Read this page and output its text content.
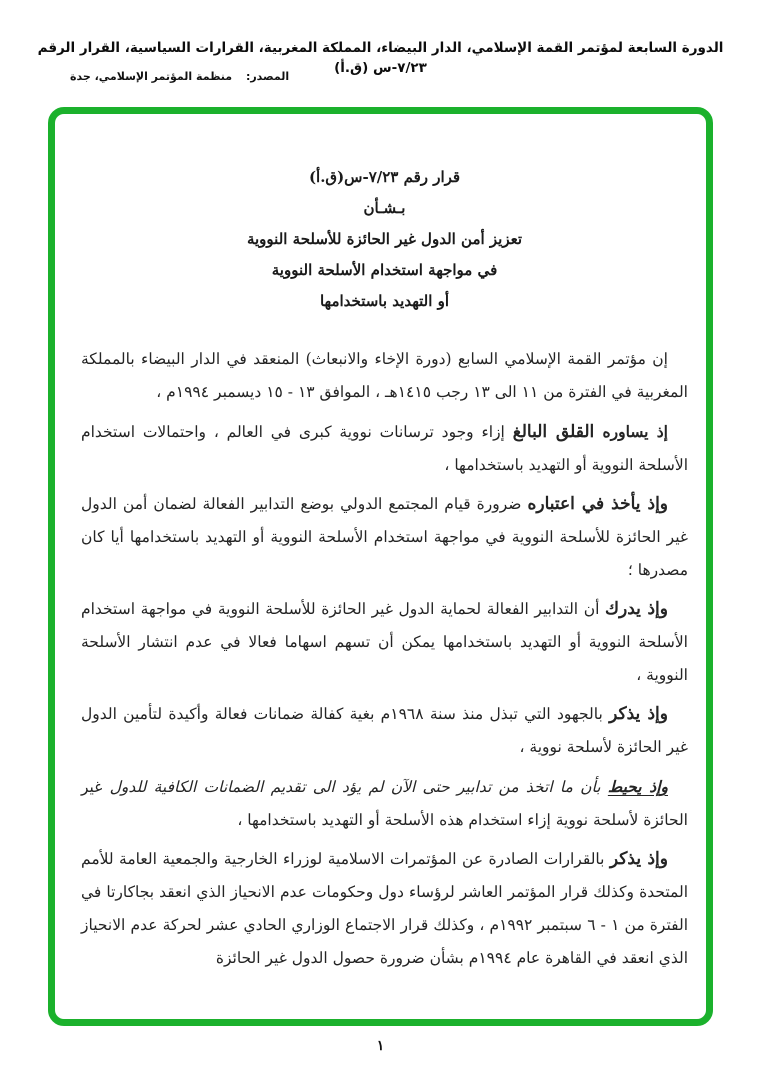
الدورة السابعة لمؤتمر القمة الإسلامي، الدار البيضاء، المملكة المغربية، القرارات السياسية، القرار الرقم ٧/٢٣-س (ق.أ)
المصدر: منظمة المؤتمر الإسلامي، جدة
قرار رقم ٧/٢٣-س(ق.أ)
بـشـأن
تعزيز أمن الدول غير الحائزة للأسلحة النووية
في مواجهة استخدام الأسلحة النووية
أو التهديد باستخدامها

إن مؤتمر القمة الإسلامي السابع (دورة الإخاء والانبعاث) المنعقد في الدار البيضاء بالمملكة المغربية في الفترة من ١١ الى ١٣ رجب ١٤١٥هـ ، الموافق ١٣ - ١٥ ديسمبر ١٩٩٤م ،

إذ يساوره القلق البالغ إزاء وجود ترسانات نووية كبرى في العالم ، واحتمالات استخدام الأسلحة النووية أو التهديد باستخدامها ،

وإذ يأخذ في اعتباره ضرورة قيام المجتمع الدولي بوضع التدابير الفعالة لضمان أمن الدول غير الحائزة للأسلحة النووية في مواجهة استخدام الأسلحة النووية أو التهديد باستخدامها أيا كان مصدرها ؛

وإذ يدرك أن التدابير الفعالة لحماية الدول غير الحائزة للأسلحة النووية في مواجهة استخدام الأسلحة النووية أو التهديد باستخدامها يمكن أن تسهم اسهاما فعالا في عدم انتشار الأسلحة النووية ،

وإذ يذكر بالجهود التي تبذل منذ سنة ١٩٦٨م بغية كفالة ضمانات فعالة وأكيدة لتأمين الدول غير الحائزة لأسلحة نووية ،

وإذ يحيط بأن ما اتخذ من تدابير حتى الآن لم يؤد الى تقديم الضمانات الكافية للدول غير الحائزة لأسلحة نووية إزاء استخدام هذه الأسلحة أو التهديد باستخدامها ،

وإذ يذكر بالقرارات الصادرة عن المؤتمرات الاسلامية لوزراء الخارجية والجمعية العامة للأمم المتحدة وكذلك قرار المؤتمر العاشر لرؤساء دول وحكومات عدم الانحياز الذي انعقد بجاكارتا في الفترة من ١ - ٦ سبتمبر ١٩٩٢م ، وكذلك قرار الاجتماع الوزاري الحادي عشر لحركة عدم الانحياز الذي انعقد في القاهرة عام ١٩٩٤م بشأن ضرورة حصول الدول غير الحائزة

١
